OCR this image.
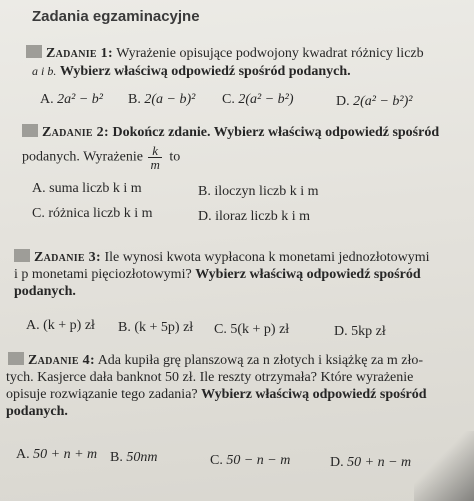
Zadania egzaminacyjne
Zadanie 1: Wyrażenie opisujące podwojony kwadrat różnicy liczb
a i b. Wybierz właściwą odpowiedź spośród podanych.
A. 2a² − b² B. 2(a − b)² C. 2(a² − b²)	D. 2(a² − b²)²
Zadanie 2: Dokończ zdanie. Wybierz właściwą odpowiedź spośród
podanych. Wyrażenie $\frac{k}{m}$ to
A. suma liczb k i m	B. iloczyn liczb k i m
C. różnica liczb k i m	D. iloraz liczb k i m
Zadanie 3: Ile wynosi kwota wypłacona k monetami jednozłotowymi
i p monetami pięciozłotowymi? Wybierz właściwą odpowiedź spośród
podanych.
A. (k + p) zł B. (k + 5p) zł C. 5(k + p) zł	D. 5kp zł
Zadanie 4: Ada kupiła grę planszową za n złotych i książkę za m zło-
tych. Kasjerce dała banknot 50 zł. Ile reszty otrzymała? Które wyrażenie
opisuje rozwiązanie tego zadania? Wybierz właściwą odpowiedź spośród
podanych.
A. 50 + n + m B. 50nm	C. 50 − n − m	D. 50 + n − m
